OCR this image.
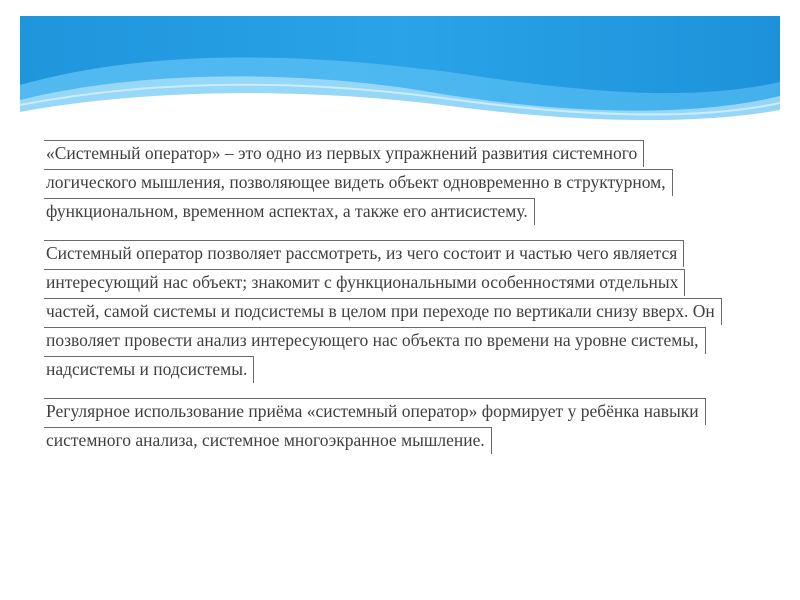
«Системный оператор» – это одно из первых упражнений развития системного
логического мышления, позволяющее видеть объект одновременно в структурном,
функциональном, временном аспектах, а также его антисистему.
Системный оператор позволяет рассмотреть, из чего состоит и частью чего является
интересующий нас объект; знакомит с функциональными особенностями отдельных
частей, самой системы и подсистемы в целом при переходе по вертикали снизу вверх. Он
позволяет провести анализ интересующего нас объекта по времени на уровне системы,
надсистемы и подсистемы.
Регулярное использование приёма «системный оператор» формирует у ребёнка навыки
системного анализа, системное многоэкранное мышление.
